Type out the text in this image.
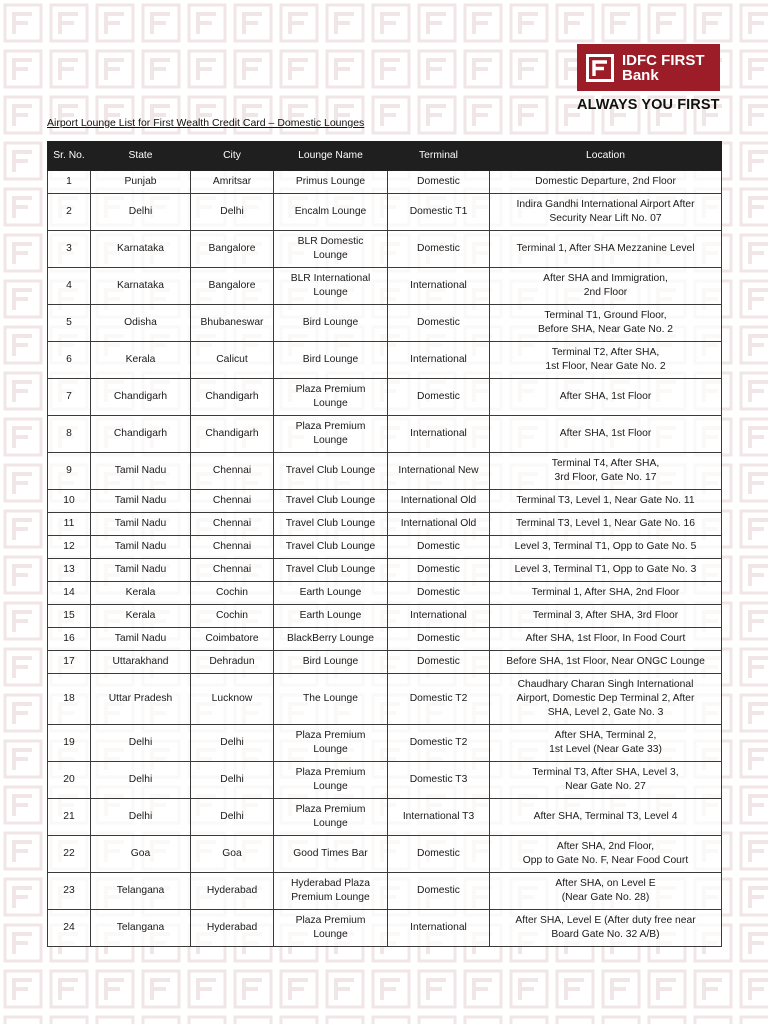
IDFC FIRST
Bank
ALWAYS YOU FIRST
Airport Lounge List for First Wealth Credit Card – Domestic Lounges
Sr. No.	State	City	Lounge Name	Terminal	Location
1	Punjab	Amritsar	Primus Lounge	Domestic	Domestic Departure, 2nd Floor

2	Delhi	Delhi	Encalm Lounge	Domestic T1	Indira Gandhi International Airport After
Security Near Lift No. 07

3	Karnataka	Bangalore	BLR Domestic
Lounge	Domestic	Terminal 1, After SHA Mezzanine Level

4	Karnataka	Bangalore	BLR International
Lounge	International	After SHA and Immigration,
2nd Floor

5	Odisha	Bhubaneswar	Bird Lounge	Domestic	Terminal T1, Ground Floor,
Before SHA, Near Gate No. 2

6	Kerala	Calicut	Bird Lounge	International	Terminal T2, After SHA,
1st Floor, Near Gate No. 2

7	Chandigarh	Chandigarh	Plaza Premium
Lounge	Domestic	After SHA, 1st Floor

8	Chandigarh	Chandigarh	Plaza Premium
Lounge	International	After SHA, 1st Floor

9	Tamil Nadu	Chennai	Travel Club Lounge	International New	Terminal T4, After SHA,
3rd Floor, Gate No. 17

10	Tamil Nadu	Chennai	Travel Club Lounge	International Old	Terminal T3, Level 1, Near Gate No. 11

11	Tamil Nadu	Chennai	Travel Club Lounge	International Old	Terminal T3, Level 1, Near Gate No. 16

12	Tamil Nadu	Chennai	Travel Club Lounge	Domestic	Level 3, Terminal T1, Opp to Gate No. 5

13	Tamil Nadu	Chennai	Travel Club Lounge	Domestic	Level 3, Terminal T1, Opp to Gate No. 3

14	Kerala	Cochin	Earth Lounge	Domestic	Terminal 1, After SHA, 2nd Floor

15	Kerala	Cochin	Earth Lounge	International	Terminal 3, After SHA, 3rd Floor

16	Tamil Nadu	Coimbatore	BlackBerry Lounge	Domestic	After SHA, 1st Floor, In Food Court

17	Uttarakhand	Dehradun	Bird Lounge	Domestic	Before SHA, 1st Floor, Near ONGC Lounge

18	Uttar Pradesh	Lucknow	The Lounge	Domestic T2	Chaudhary Charan Singh International
Airport, Domestic Dep Terminal 2, After
SHA, Level 2, Gate No. 3

19	Delhi	Delhi	Plaza Premium
Lounge	Domestic T2	After SHA, Terminal 2,
1st Level (Near Gate 33)

20	Delhi	Delhi	Plaza Premium
Lounge	Domestic T3	Terminal T3, After SHA, Level 3,
Near Gate No. 27

21	Delhi	Delhi	Plaza Premium
Lounge	International T3	After SHA, Terminal T3, Level 4

22	Goa	Goa	Good Times Bar	Domestic	After SHA, 2nd Floor,
Opp to Gate No. F, Near Food Court

23	Telangana	Hyderabad	Hyderabad Plaza
Premium Lounge	Domestic	After SHA, on Level E
(Near Gate No. 28)

24	Telangana	Hyderabad	Plaza Premium
Lounge	International	After SHA, Level E (After duty free near
Board Gate No. 32 A/B)
